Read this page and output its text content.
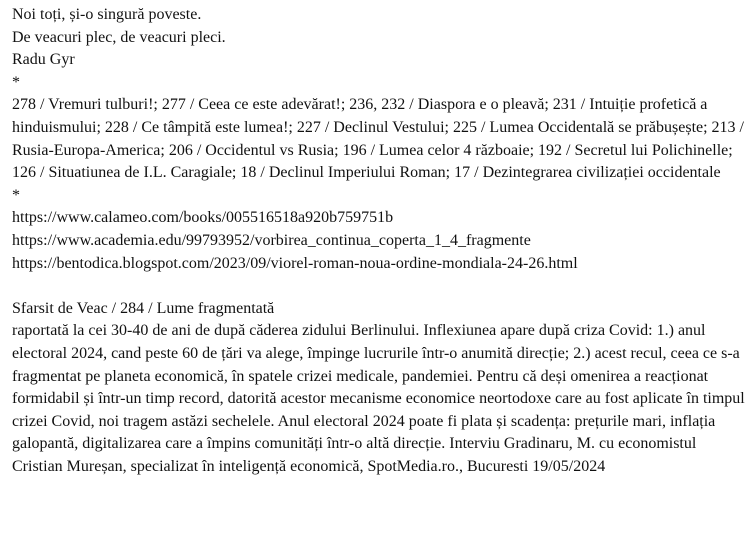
Noi toți, și-o singură poveste.

De veacuri plec, de veacuri pleci.

Radu Gyr

*

278 / Vremuri tulburi!; 277 / Ceea ce este adevărat!; 236, 232 / Diaspora e o pleavă; 231 / Intuiție profetică a hinduismului; 228 / Ce tâmpită este lumea!; 227 / Declinul Vestului; 225 / Lumea Occidentală se prăbușește; 213 / Rusia-Europa-America; 206 / Occidentul vs Rusia; 196 / Lumea celor 4 războaie; 192 / Secretul lui Polichinelle; 126 / Situatiunea de I.L. Caragiale; 18 / Declinul Imperiului Roman; 17 / Dezintegrarea civilizației occidentale

*

https://www.calameo.com/books/005516518a920b759751b

https://www.academia.edu/99793952/vorbirea_continua_coperta_1_4_fragmente

https://bentodica.blogspot.com/2023/09/viorel-roman-noua-ordine-mondiala-24-26.html

Sfarsit de Veac / 284 / Lume fragmentată

raportată la cei 30-40 de ani de după căderea zidului Berlinului. Inflexiunea apare după criza Covid: 1.) anul electoral 2024, cand peste 60 de țări va alege, împinge lucrurile într-o anumită direcție; 2.) acest recul, ceea ce s-a fragmentat pe planeta economică, în spatele crizei medicale, pandemiei. Pentru că deși omenirea a reacționat formidabil și într-un timp record, datorită acestor mecanisme economice neortodoxe care au fost aplicate în timpul crizei Covid, noi tragem astăzi sechelele. Anul electoral 2024 poate fi plata și scadența: prețurile mari, inflația galopantă, digitalizarea care a împins comunități într-o altă direcție. Interviu Gradinaru, M. cu economistul Cristian Mureșan, specializat în inteligență economică, SpotMedia.ro., Bucuresti 19/05/2024
